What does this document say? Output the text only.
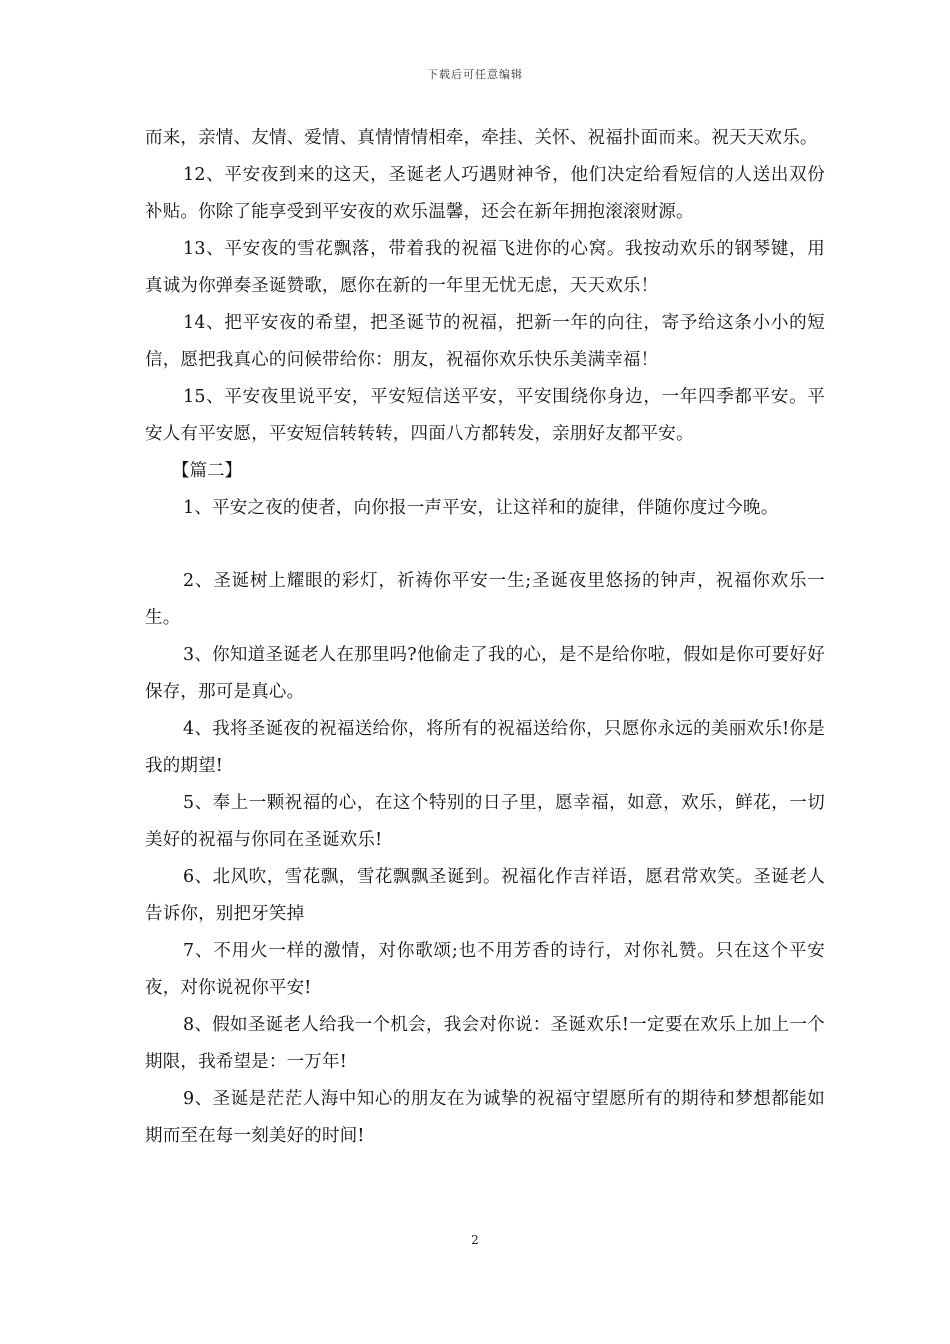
下载后可任意编辑

而来，亲情、友情、爱情、真情情情相牵，牵挂、关怀、祝福扑面而来。祝天天欢乐。

12、平安夜到来的这天，圣诞老人巧遇财神爷，他们决定给看短信的人送出双份补贴。你除了能享受到平安夜的欢乐温馨，还会在新年拥抱滚滚财源。

13、平安夜的雪花飘落，带着我的祝福飞进你的心窝。我按动欢乐的钢琴键，用真诚为你弹奏圣诞赞歌，愿你在新的一年里无忧无虑，天天欢乐！

14、把平安夜的希望，把圣诞节的祝福，把新一年的向往，寄予给这条小小的短信，愿把我真心的问候带给你：朋友，祝福你欢乐快乐美满幸福！

15、平安夜里说平安，平安短信送平安，平安围绕你身边，一年四季都平安。平安人有平安愿，平安短信转转转，四面八方都转发，亲朋好友都平安。

【篇二】

1、平安之夜的使者，向你报一声平安，让这祥和的旋律，伴随你度过今晚。

2、圣诞树上耀眼的彩灯，祈祷你平安一生;圣诞夜里悠扬的钟声，祝福你欢乐一生。

3、你知道圣诞老人在那里吗?他偷走了我的心，是不是给你啦，假如是你可要好好保存，那可是真心。

4、我将圣诞夜的祝福送给你，将所有的祝福送给你，只愿你永远的美丽欢乐!你是我的期望!

5、奉上一颗祝福的心，在这个特别的日子里，愿幸福，如意，欢乐，鲜花，一切美好的祝福与你同在圣诞欢乐!

6、北风吹，雪花飘，雪花飘飘圣诞到。祝福化作吉祥语，愿君常欢笑。圣诞老人告诉你，别把牙笑掉

7、不用火一样的激情，对你歌颂;也不用芳香的诗行，对你礼赞。只在这个平安夜，对你说祝你平安!

8、假如圣诞老人给我一个机会，我会对你说：圣诞欢乐!一定要在欢乐上加上一个期限，我希望是：一万年!

9、圣诞是茫茫人海中知心的朋友在为诚挚的祝福守望愿所有的期待和梦想都能如期而至在每一刻美好的时间!

2
